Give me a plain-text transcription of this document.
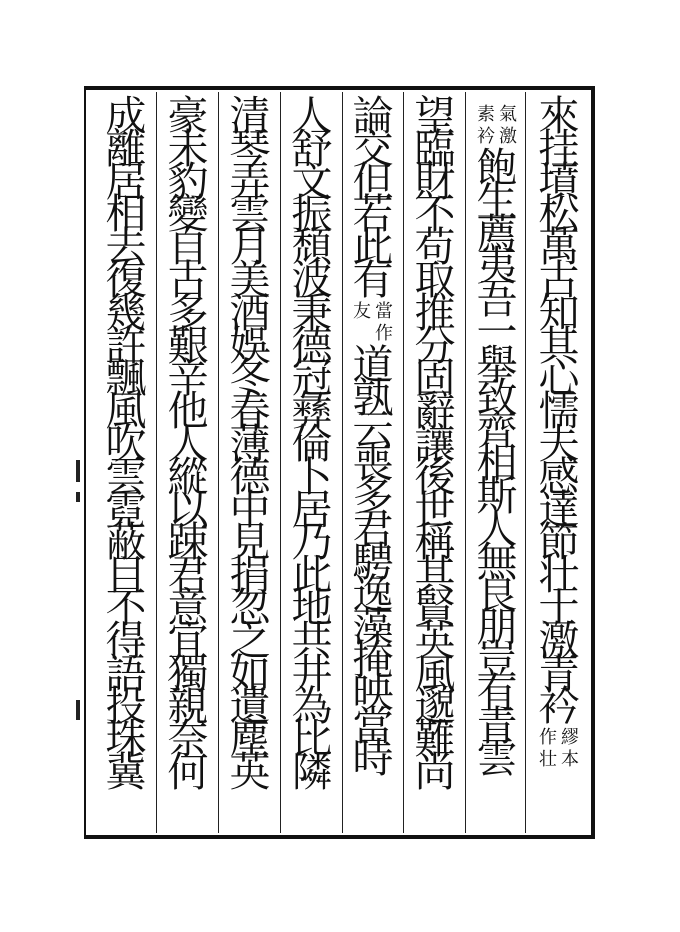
來挂墳松萬古知其心懦夫感達節壮士激青衿
繆本
作壮
氣激
素衿
飽生薦夷吾一舉致齊相斯人無良朋豈有青雲
望臨財不苟取推分固辭讓後世稱其賢英風邈難尚
論交但若此有
當作
友
道孰云喪多君騁逸藻掩映當時
人舒文振頹波秉德冠彝倫卜居乃此地共井為比隣
清琴弄雲月美酒娛冬春薄德中見捐忽之如遺塵英
豪未豹變自古多艱辛他人縱以踈君意宜獨親奈何
成離居相去復幾許飄風吹雲霓蔽目不得語投珠冀
